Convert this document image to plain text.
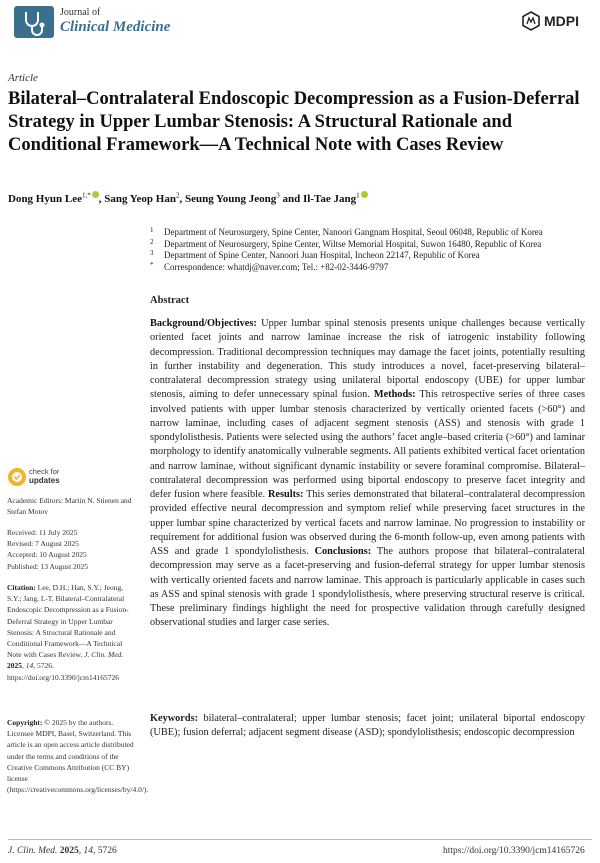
Journal of
Clinical Medicine	MDPI
Article
Bilateral–Contralateral Endoscopic Decompression as a Fusion-Deferral Strategy in Upper Lumbar Stenosis: A Structural Rationale and Conditional Framework—A Technical Note with Cases Review
Dong Hyun Lee$^{1,*}$ , Sang Yeop Han$^2$, Seung Young Jeong$^3$ and Il-Tae Jang$^1$
1 Department of Neurosurgery, Spine Center, Nanoori Gangnam Hospital, Seoul 06048, Republic of Korea
2 Department of Neurosurgery, Spine Center, Wiltse Memorial Hospital, Suwon 16480, Republic of Korea
3 Department of Spine Center, Nanoori Juan Hospital, Incheon 22147, Republic of Korea
* Correspondence: whatdj@naver.com; Tel.: +82-02-3446-9797
Abstract
Background/Objectives: Upper lumbar spinal stenosis presents unique challenges because vertically oriented facet joints and narrow laminae increase the risk of iatrogenic instability following decompression. Traditional decompression techniques may damage the facet joints, potentially resulting in further instability and degeneration. This study introduces a novel, facet-preserving bilateral–contralateral decompression strategy using unilateral biportal endoscopy (UBE) for upper lumbar stenosis, aiming to defer unnecessary spinal fusion. Methods: This retrospective series of three cases involved patients with upper lumbar stenosis characterized by vertically oriented facets (>60°) and narrow laminae, including cases of adjacent segment stenosis (ASS) and stenosis with grade 1 spondylolisthesis. Patients were selected using the authors’ facet angle–based criteria (>60°) and laminar morphology to identify anatomically vulnerable segments. All patients exhibited vertical facet orientation and narrow laminae, without significant dynamic instability or severe foraminal compromise. Bilateral–contralateral decompression was performed using biportal endoscopy to preserve facet integrity and defer fusion where feasible. Results: This series demonstrated that bilateral–contralateral decompression provided effective neural decompression and symptom relief while preserving facet structures in the upper lumbar spine characterized by vertical facets and narrow laminae. No progression to instability or requirement for additional fusion was observed during the 6-month follow-up, even among patients with ASS and grade 1 spondylolisthesis. Conclusions: The authors propose that bilateral–contralateral decompression may serve as a facet-preserving and fusion-deferral strategy for upper lumbar stenosis with vertically oriented facets and narrow laminae. This approach is particularly applicable in cases such as ASS and spinal stenosis with grade 1 spondylolisthesis, where preserving structural reserve is critical. These preliminary findings highlight the need for prospective validation through carefully designed observational studies and larger case series.
Keywords: bilateral–contralateral; upper lumbar stenosis; facet joint; unilateral biportal endoscopy (UBE); fusion deferral; adjacent segment disease (ASD); spondylolisthesis; endoscopic decompression
check for
updates
Academic Editors: Martin N. Stienen and Stefan Motov
Received: 11 July 2025
Revised: 7 August 2025
Accepted: 10 August 2025
Published: 13 August 2025
Citation: Lee, D.H.; Han, S.Y.; Jeong, S.Y.; Jang, I.-T. Bilateral–Contralateral Endoscopic Decompression as a Fusion-Deferral Strategy in Upper Lumbar Stenosis: A Structural Rationale and Conditional Framework—A Technical Note with Cases Review. J. Clin. Med. 2025, 14, 5726. https://doi.org/10.3390/jcm14165726
Copyright: © 2025 by the authors. Licensee MDPI, Basel, Switzerland. This article is an open access article distributed under the terms and conditions of the Creative Commons Attribution (CC BY) license (https://creativecommons.org/licenses/by/4.0/).
J. Clin. Med. 2025, 14, 5726	https://doi.org/10.3390/jcm14165726
